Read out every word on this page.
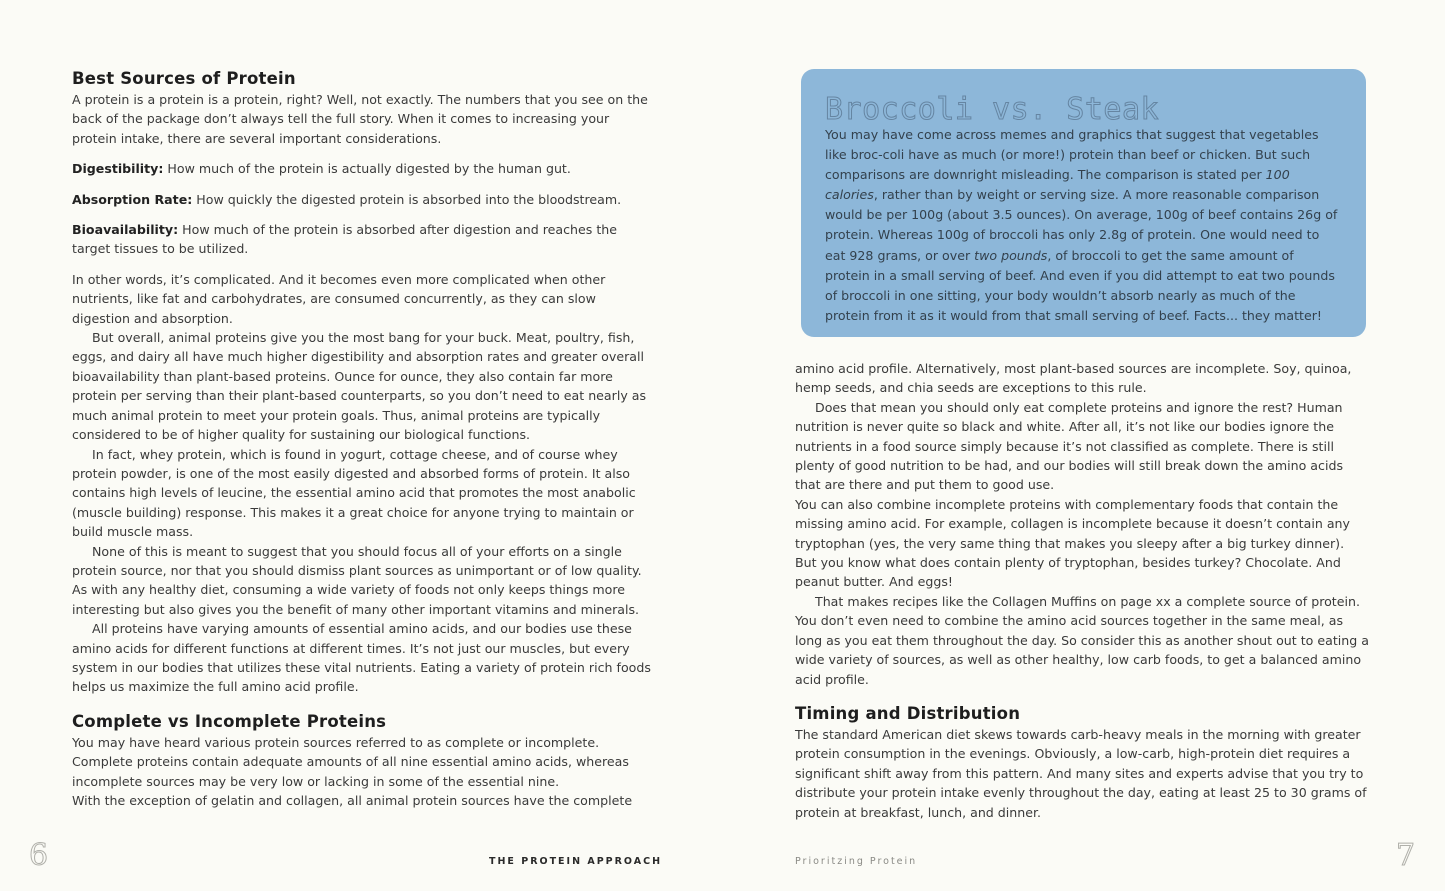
Best Sources of Protein

A protein is a protein is a protein, right? Well, not exactly. The numbers that you see on the back of the package don’t always tell the full story. When it comes to increasing your protein intake, there are several important considerations.

Digestibility: How much of the protein is actually digested by the human gut.

Absorption Rate: How quickly the digested protein is absorbed into the bloodstream.

Bioavailability: How much of the protein is absorbed after digestion and reaches the target tissues to be utilized.

In other words, it’s complicated. And it becomes even more complicated when other nutrients, like fat and carbohydrates, are consumed concurrently, as they can slow digestion and absorption.

But overall, animal proteins give you the most bang for your buck. Meat, poultry, fish, eggs, and dairy all have much higher digestibility and absorption rates and greater overall bioavailability than plant-based proteins. Ounce for ounce, they also contain far more protein per serving than their plant-based counterparts, so you don’t need to eat nearly as much animal protein to meet your protein goals. Thus, animal proteins are typically considered to be of higher quality for sustaining our biological functions.

In fact, whey protein, which is found in yogurt, cottage cheese, and of course whey protein powder, is one of the most easily digested and absorbed forms of protein. It also contains high levels of leucine, the essential amino acid that promotes the most anabolic (muscle building) response. This makes it a great choice for anyone trying to maintain or build muscle mass.

None of this is meant to suggest that you should focus all of your efforts on a single protein source, nor that you should dismiss plant sources as unimportant or of low quality. As with any healthy diet, consuming a wide variety of foods not only keeps things more interesting but also gives you the benefit of many other important vitamins and minerals.

All proteins have varying amounts of essential amino acids, and our bodies use these amino acids for different functions at different times. It’s not just our muscles, but every system in our bodies that utilizes these vital nutrients. Eating a variety of protein rich foods helps us maximize the full amino acid profile.

Complete vs Incomplete Proteins

You may have heard various protein sources referred to as complete or incomplete. Complete proteins contain adequate amounts of all nine essential amino acids, whereas incomplete sources may be very low or lacking in some of the essential nine.

With the exception of gelatin and collagen, all animal protein sources have the complete

Broccoli vs. Steak
You may have come across memes and graphics that suggest that vegetables like broc-coli have as much (or more!) protein than beef or chicken. But such comparisons are downright misleading. The comparison is stated per 100 calories, rather than by weight or serving size. A more reasonable comparison would be per 100g (about 3.5 ounces). On average, 100g of beef contains 26g of protein. Whereas 100g of broccoli has only 2.8g of protein. One would need to eat 928 grams, or over two pounds, of broccoli to get the same amount of protein in a small serving of beef. And even if you did attempt to eat two pounds of broccoli in one sitting, your body wouldn’t absorb nearly as much of the protein from it as it would from that small serving of beef. Facts... they matter!

amino acid profile. Alternatively, most plant-based sources are incomplete. Soy, quinoa, hemp seeds, and chia seeds are exceptions to this rule.

Does that mean you should only eat complete proteins and ignore the rest? Human nutrition is never quite so black and white. After all, it’s not like our bodies ignore the nutrients in a food source simply because it’s not classified as complete. There is still plenty of good nutrition to be had, and our bodies will still break down the amino acids that are there and put them to good use.

You can also combine incomplete proteins with complementary foods that contain the missing amino acid. For example, collagen is incomplete because it doesn’t contain any tryptophan (yes, the very same thing that makes you sleepy after a big turkey dinner). But you know what does contain plenty of tryptophan, besides turkey? Chocolate. And peanut butter. And eggs!

That makes recipes like the Collagen Muffins on page xx a complete source of protein. You don’t even need to combine the amino acid sources together in the same meal, as long as you eat them throughout the day. So consider this as another shout out to eating a wide variety of sources, as well as other healthy, low carb foods, to get a balanced amino acid profile.

Timing and Distribution

The standard American diet skews towards carb-heavy meals in the morning with greater protein consumption in the evenings. Obviously, a low-carb, high-protein diet requires a significant shift away from this pattern. And many sites and experts advise that you try to distribute your protein intake evenly throughout the day, eating at least 25 to 30 grams of protein at breakfast, lunch, and dinner.

6	7
THE PROTEIN APPROACH	Prioritzing Protein
